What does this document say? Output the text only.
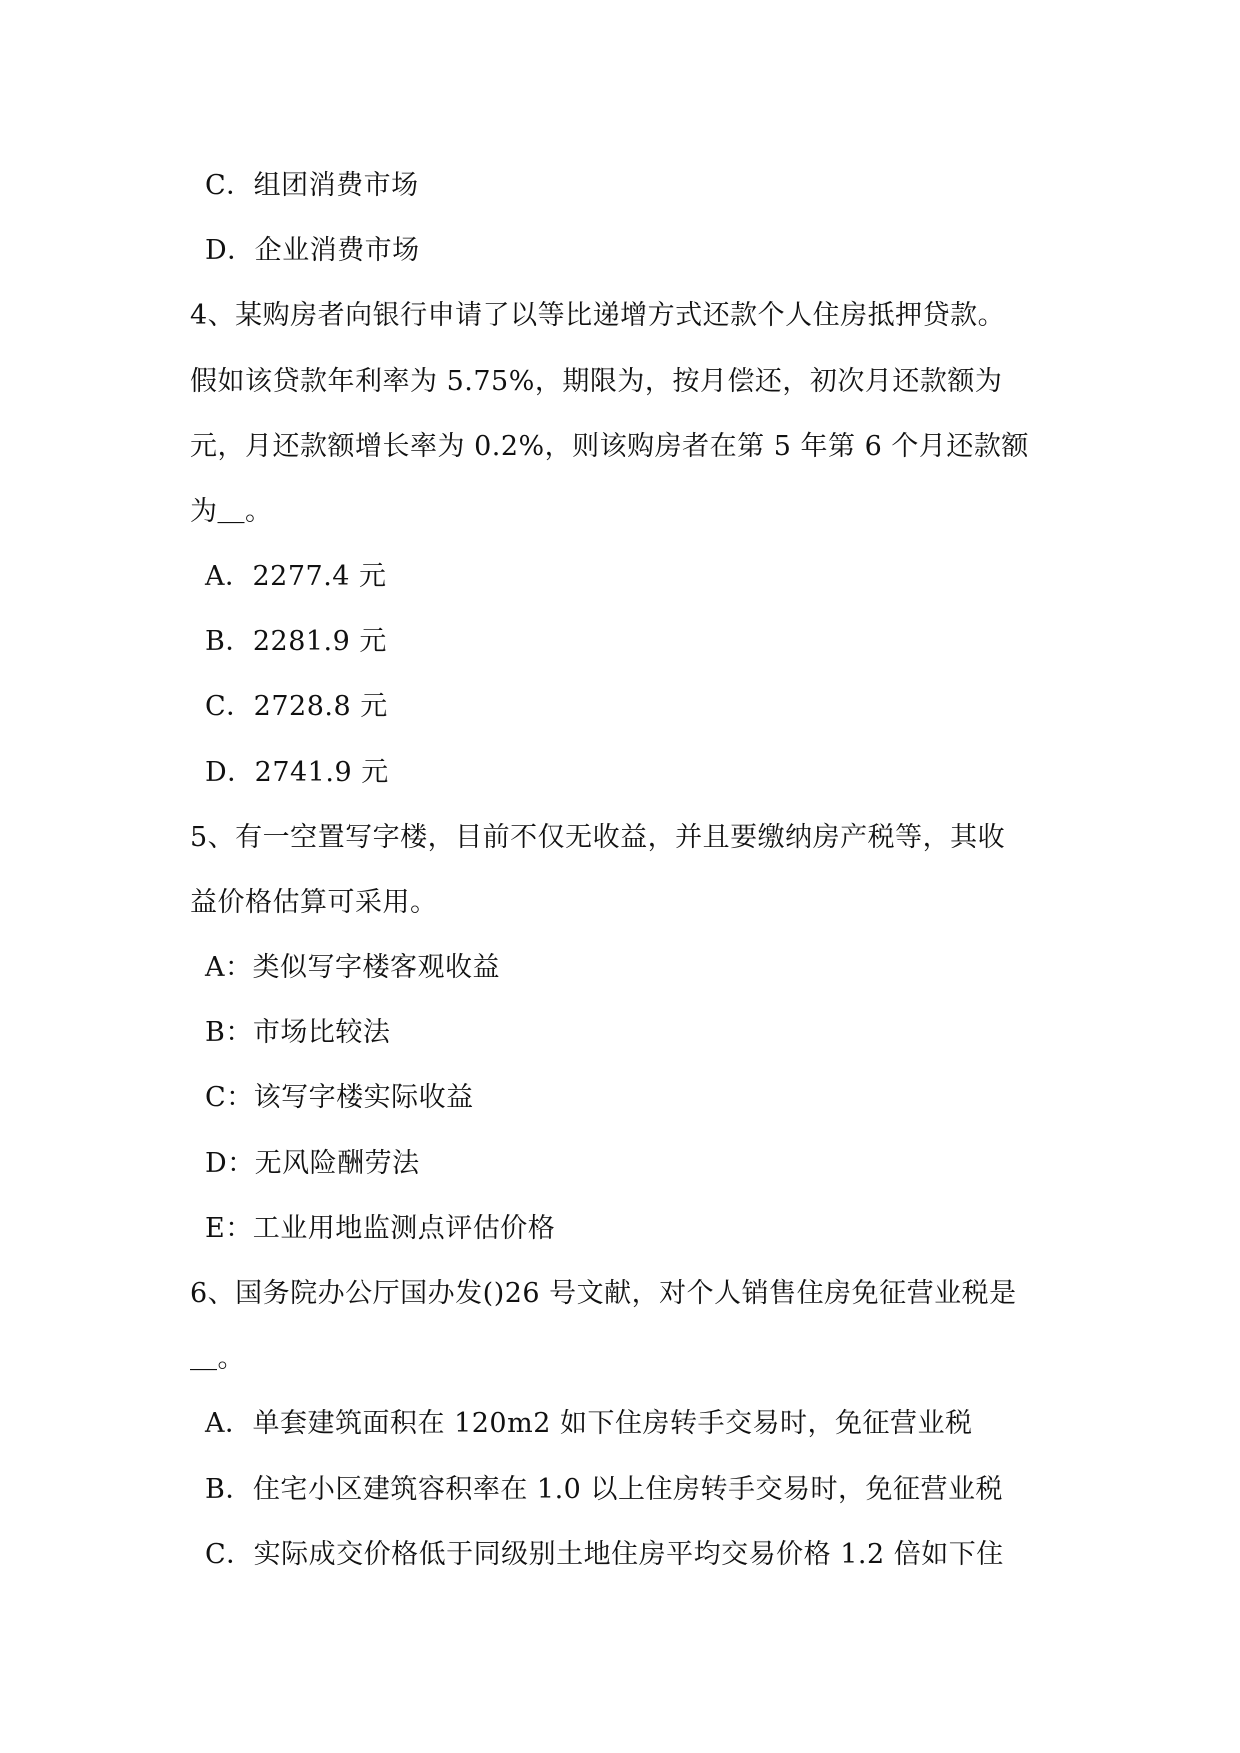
C．组团消费市场
D．企业消费市场
4、某购房者向银行申请了以等比递增方式还款个人住房抵押贷款。
假如该贷款年利率为 5.75%，期限为，按月偿还，初次月还款额为
元，月还款额增长率为 0.2%，则该购房者在第 5 年第 6 个月还款额
为＿。
A．2277.4 元
B．2281.9 元
C．2728.8 元
D．2741.9 元
5、有一空置写字楼，目前不仅无收益，并且要缴纳房产税等，其收
益价格估算可采用。
A：类似写字楼客观收益
B：市场比较法
C：该写字楼实际收益
D：无风险酬劳法
E：工业用地监测点评估价格
6、国务院办公厅国办发()26 号文献，对个人销售住房免征营业税是
＿。
A．单套建筑面积在 120m2 如下住房转手交易时，免征营业税
B．住宅小区建筑容积率在 1.0 以上住房转手交易时，免征营业税
C．实际成交价格低于同级别土地住房平均交易价格 1.2 倍如下住
